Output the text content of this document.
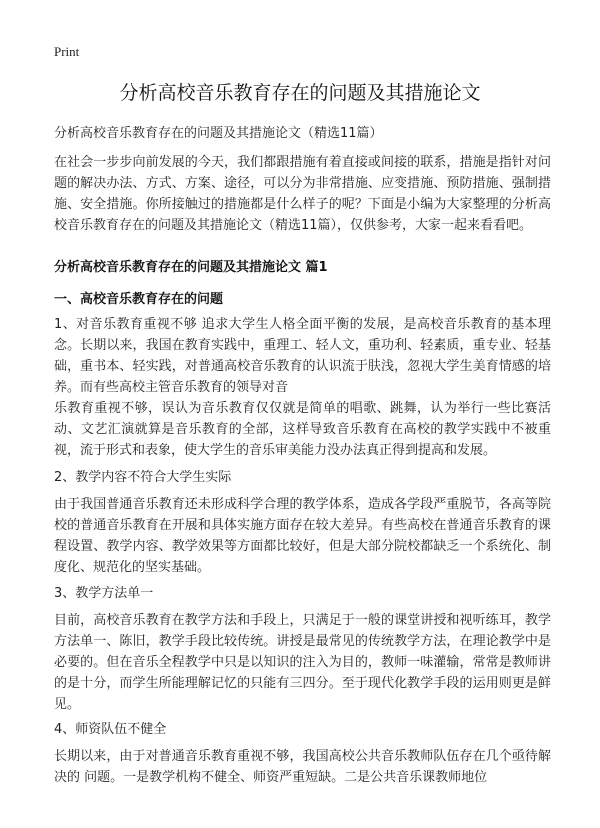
Print
分析高校音乐教育存在的问题及其措施论文

分析高校音乐教育存在的问题及其措施论文（精选11篇）

在社会一步步向前发展的今天，我们都跟措施有着直接或间接的联系，措施是指针对问题的解决办法、方式、方案、途径，可以分为非常措施、应变措施、预防措施、强制措施、安全措施。你所接触过的措施都是什么样子的呢？下面是小编为大家整理的分析高校音乐教育存在的问题及其措施论文（精选11篇），仅供参考，大家一起来看看吧。

分析高校音乐教育存在的问题及其措施论文 篇1

一、高校音乐教育存在的问题

1、对音乐教育重视不够 追求大学生人格全面平衡的发展，是高校音乐教育的基本理念。长期以来，我国在教育实践中，重理工、轻人文，重功利、轻素质，重专业、轻基础，重书本、轻实践，对普通高校音乐教育的认识流于肤浅，忽视大学生美育情感的培养。而有些高校主管音乐教育的领导对音

乐教育重视不够，误认为音乐教育仅仅就是简单的唱歌、跳舞，认为举行一些比赛活动、文艺汇演就算是音乐教育的全部，这样导致音乐教育在高校的教学实践中不被重视，流于形式和表象，使大学生的音乐审美能力没办法真正得到提高和发展。

2、教学内容不符合大学生实际

由于我国普通音乐教育还未形成科学合理的教学体系，造成各学段严重脱节，各高等院校的普通音乐教育在开展和具体实施方面存在较大差异。有些高校在普通音乐教育的课程设置、教学内容、教学效果等方面都比较好，但是大部分院校都缺乏一个系统化、制度化、规范化的坚实基础。

3、教学方法单一

目前，高校音乐教育在教学方法和手段上，只满足于一般的课堂讲授和视听练耳，教学方法单一、陈旧，教学手段比较传统。讲授是最常见的传统教学方法，在理论教学中是必要的。但在音乐全程教学中只是以知识的注入为目的，教师一味灌输，常常是教师讲的是十分，而学生所能理解记忆的只能有三四分。至于现代化教学手段的运用则更是鲜见。

4、师资队伍不健全

长期以来，由于对普通音乐教育重视不够，我国高校公共音乐教师队伍存在几个亟待解决的 问题。一是教学机构不健全、师资严重短缺。二是公共音乐课教师地位
